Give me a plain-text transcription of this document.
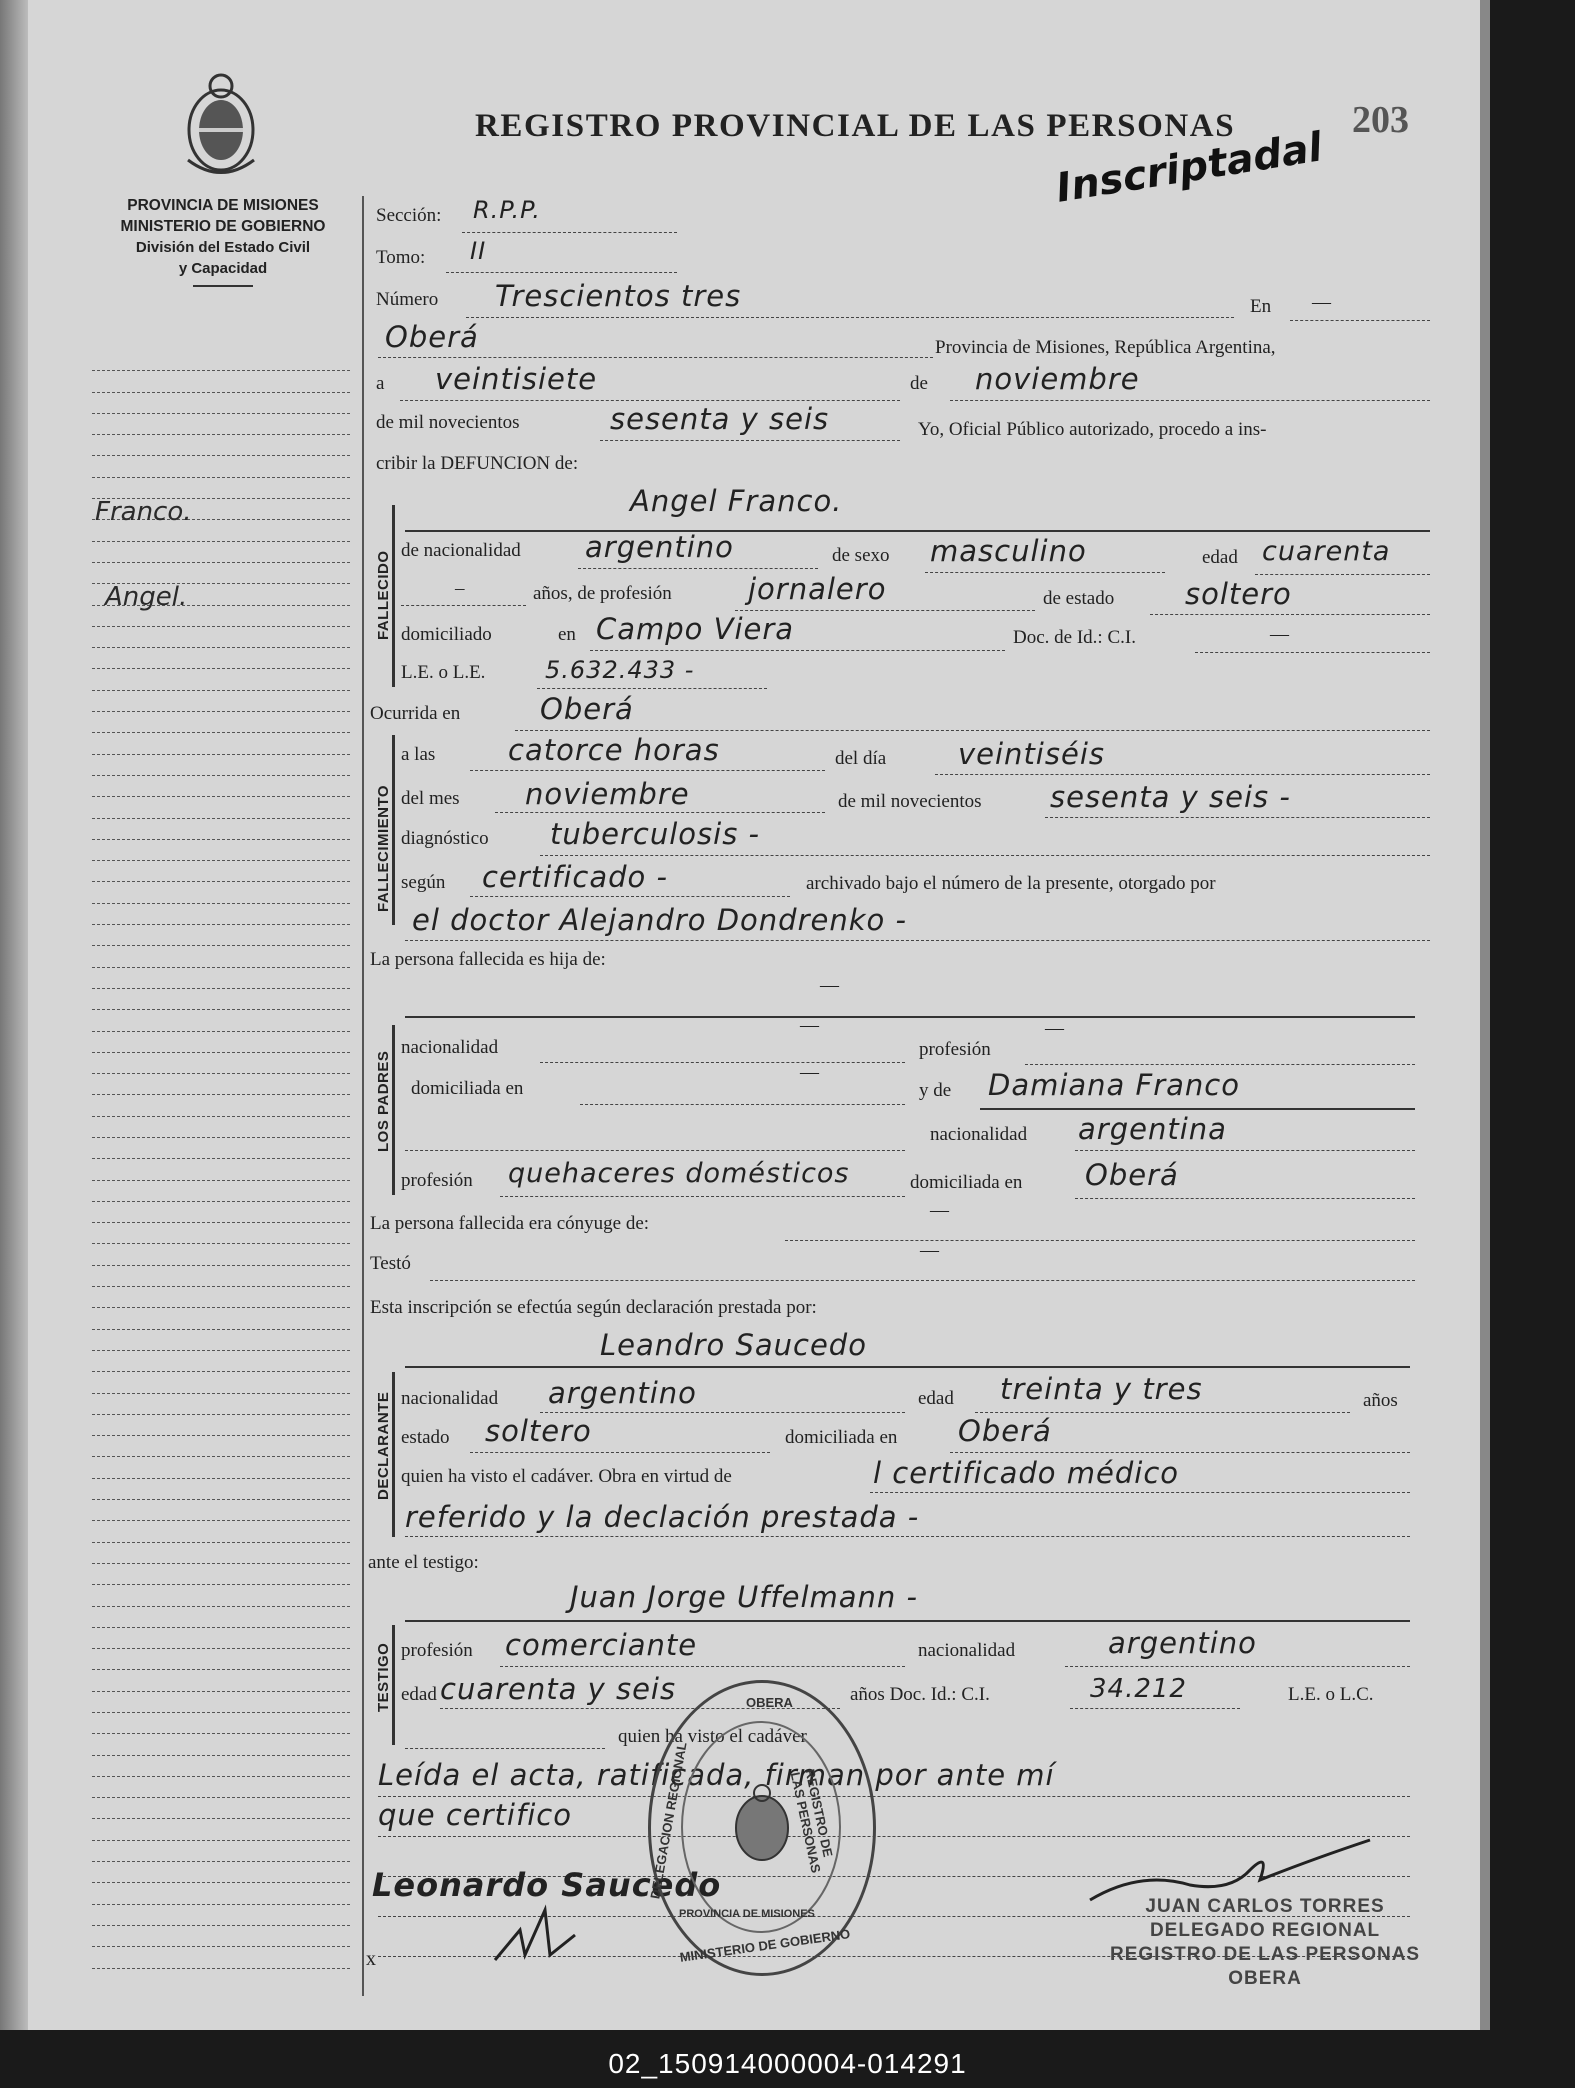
PROVINCIA DE MISIONES
MINISTERIO DE GOBIERNO
División del Estado Civil
y Capacidad
Franco.
Angel.
REGISTRO PROVINCIAL DE LAS PERSONAS	203
Inscriptadal
Sección: R.P.P.
Tomo: II
Número Trescientos tres	En —
Oberá	Provincia de Misiones, República Argentina,
a veintisiete	de noviembre
de mil novecientos	sesenta y seis	Yo, Oficial Público autorizado, procedo a ins-
cribir la DEFUNCION de:
FALLECIDO
Angel Franco.
de nacionalidad argentino	de sexo masculino	edad cuarenta
–	años, de profesión	jornalero	de estado soltero
domiciliado	en Campo Viera	Doc. de Id.: C.I.	—
L.E. o L.E. 5.632.433 -
Ocurrida en	Oberá
FALLECIMIENTO
a las	catorce horas	del día veintiséis
del mes noviembre	de mil novecientos sesenta y seis -
diagnóstico tuberculosis -
según certificado -	archivado bajo el número de la presente, otorgado por
el doctor Alejandro Dondrenko -
La persona fallecida es hija de:
—
LOS PADRES
nacionalidad
—
profesión
—
domiciliada en
—
y de Damiana Franco
nacionalidad argentina
profesión quehaceres domésticos	domiciliada en Oberá
La persona fallecida era cónyuge de:
—
Testó
—
Esta inscripción se efectúa según declaración prestada por:
Leandro Saucedo
DECLARANTE nacionalidad argentino	edad treinta y tres	años
estado soltero	domiciliada en Oberá
quien ha visto el cadáver. Obra en virtud de	l certificado médico
referido y la declación prestada -
ante el testigo:
Juan Jorge Uffelmann -
TESTIGO profesión comerciante	nacionalidad	argentino
edad cuarenta y seis	años Doc. Id.: C.I.	34.212	L.E. o L.C.
quien ha visto el cadáver
Leída el acta, ratificada, firman por ante mí
que certifico
Leonardo Saucedo
x
OBERA
DELEGACION REGIONAL	REGISTRO DE LAS PERSONAS
MINISTERIO DE GOBIERNO
PROVINCIA DE MISIONES	JUAN CARLOS TORRES
DELEGADO REGIONAL
REGISTRO DE LAS PERSONAS
OBERA
02_150914000004-014291
